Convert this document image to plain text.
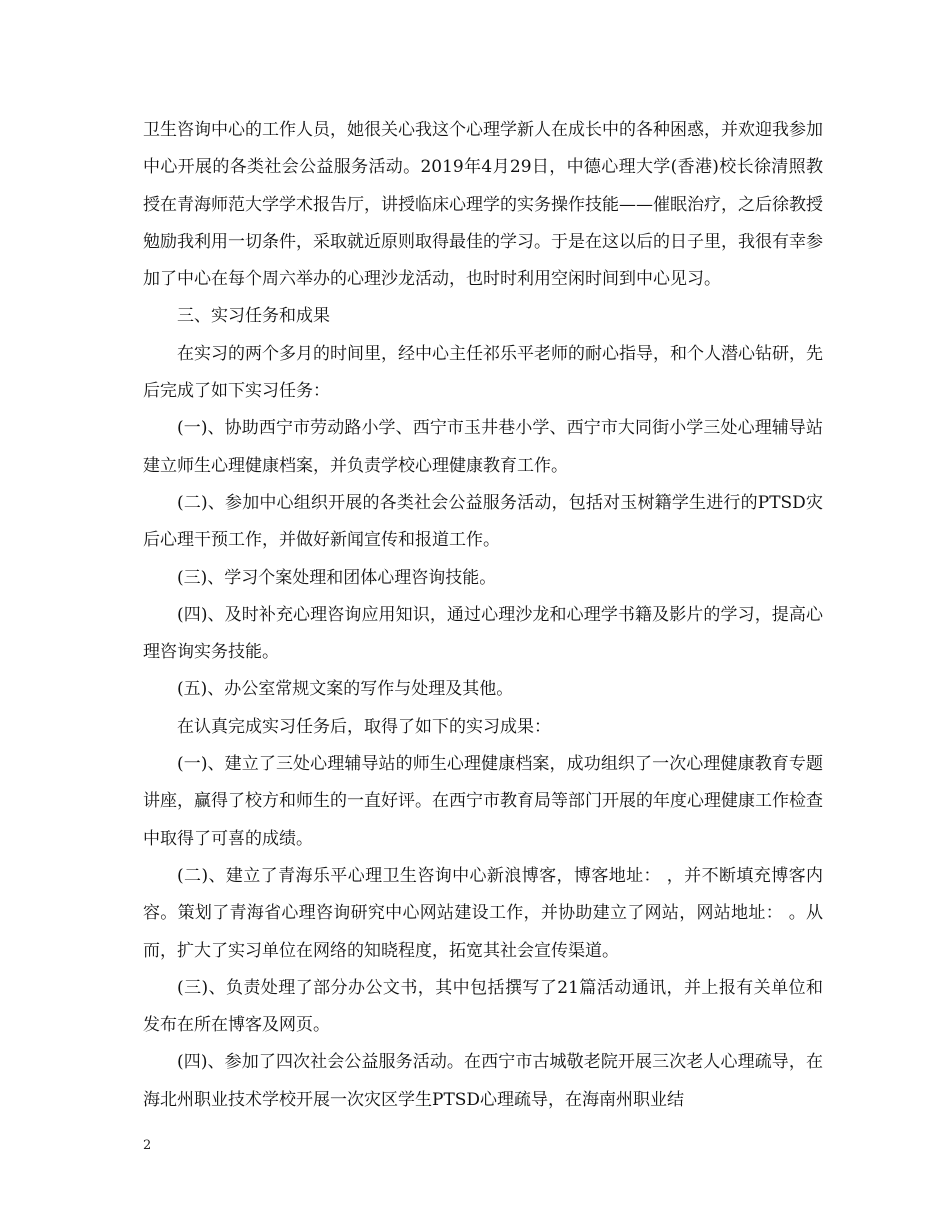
卫生咨询中心的工作人员，她很关心我这个心理学新人在成长中的各种困惑，并欢迎我参加中心开展的各类社会公益服务活动。2019年4月29日，中德心理大学(香港)校长徐清照教授在青海师范大学学术报告厅，讲授临床心理学的实务操作技能——催眠治疗，之后徐教授勉励我利用一切条件，采取就近原则取得最佳的学习。于是在这以后的日子里，我很有幸参加了中心在每个周六举办的心理沙龙活动，也时时利用空闲时间到中心见习。

三、实习任务和成果

在实习的两个多月的时间里，经中心主任祁乐平老师的耐心指导，和个人潜心钻研，先后完成了如下实习任务：

(一)、协助西宁市劳动路小学、西宁市玉井巷小学、西宁市大同街小学三处心理辅导站建立师生心理健康档案，并负责学校心理健康教育工作。

(二)、参加中心组织开展的各类社会公益服务活动，包括对玉树籍学生进行的PTSD灾后心理干预工作，并做好新闻宣传和报道工作。

(三)、学习个案处理和团体心理咨询技能。

(四)、及时补充心理咨询应用知识，通过心理沙龙和心理学书籍及影片的学习，提高心理咨询实务技能。

(五)、办公室常规文案的写作与处理及其他。

在认真完成实习任务后，取得了如下的实习成果：

(一)、建立了三处心理辅导站的师生心理健康档案，成功组织了一次心理健康教育专题讲座，赢得了校方和师生的一直好评。在西宁市教育局等部门开展的年度心理健康工作检查中取得了可喜的成绩。

(二)、建立了青海乐平心理卫生咨询中心新浪博客，博客地址： ，并不断填充博客内容。策划了青海省心理咨询研究中心网站建设工作，并协助建立了网站，网站地址： 。从而，扩大了实习单位在网络的知晓程度，拓宽其社会宣传渠道。

(三)、负责处理了部分办公文书，其中包括撰写了21篇活动通讯，并上报有关单位和发布在所在博客及网页。

(四)、参加了四次社会公益服务活动。在西宁市古城敬老院开展三次老人心理疏导，在海北州职业技术学校开展一次灾区学生PTSD心理疏导，在海南州职业结

2
